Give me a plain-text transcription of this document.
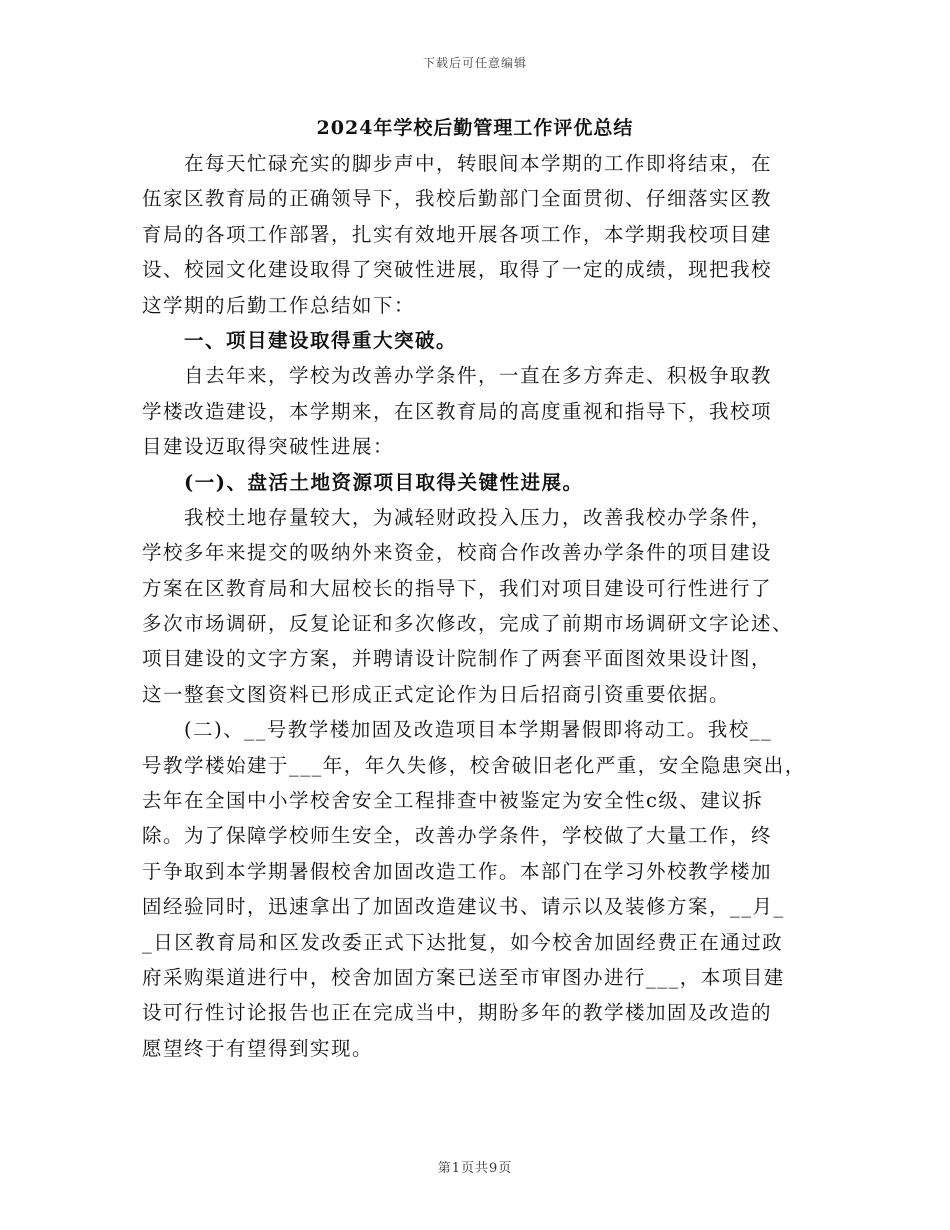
下载后可任意编辑
2024年学校后勤管理工作评优总结
在每天忙碌充实的脚步声中，转眼间本学期的工作即将结束，在
伍家区教育局的正确领导下，我校后勤部门全面贯彻、仔细落实区教
育局的各项工作部署，扎实有效地开展各项工作，本学期我校项目建
设、校园文化建设取得了突破性进展，取得了一定的成绩，现把我校
这学期的后勤工作总结如下：
一、项目建设取得重大突破。
自去年来，学校为改善办学条件，一直在多方奔走、积极争取教
学楼改造建设，本学期来，在区教育局的高度重视和指导下，我校项
目建设迈取得突破性进展：
(一)、盘活土地资源项目取得关键性进展。
我校土地存量较大，为减轻财政投入压力，改善我校办学条件，
学校多年来提交的吸纳外来资金，校商合作改善办学条件的项目建设
方案在区教育局和大屈校长的指导下，我们对项目建设可行性进行了
多次市场调研，反复论证和多次修改，完成了前期市场调研文字论述、
项目建设的文字方案，并聘请设计院制作了两套平面图效果设计图，
这一整套文图资料已形成正式定论作为日后招商引资重要依据。
(二)、__号教学楼加固及改造项目本学期暑假即将动工。我校__
号教学楼始建于___年，年久失修，校舍破旧老化严重，安全隐患突出，
去年在全国中小学校舍安全工程排查中被鉴定为安全性c级、建议拆
除。为了保障学校师生安全，改善办学条件，学校做了大量工作，终
于争取到本学期暑假校舍加固改造工作。本部门在学习外校教学楼加
固经验同时，迅速拿出了加固改造建议书、请示以及装修方案，__月_
_日区教育局和区发改委正式下达批复，如今校舍加固经费正在通过政
府采购渠道进行中，校舍加固方案已送至市审图办进行___，本项目建
设可行性讨论报告也正在完成当中，期盼多年的教学楼加固及改造的
愿望终于有望得到实现。
第1页共9页
